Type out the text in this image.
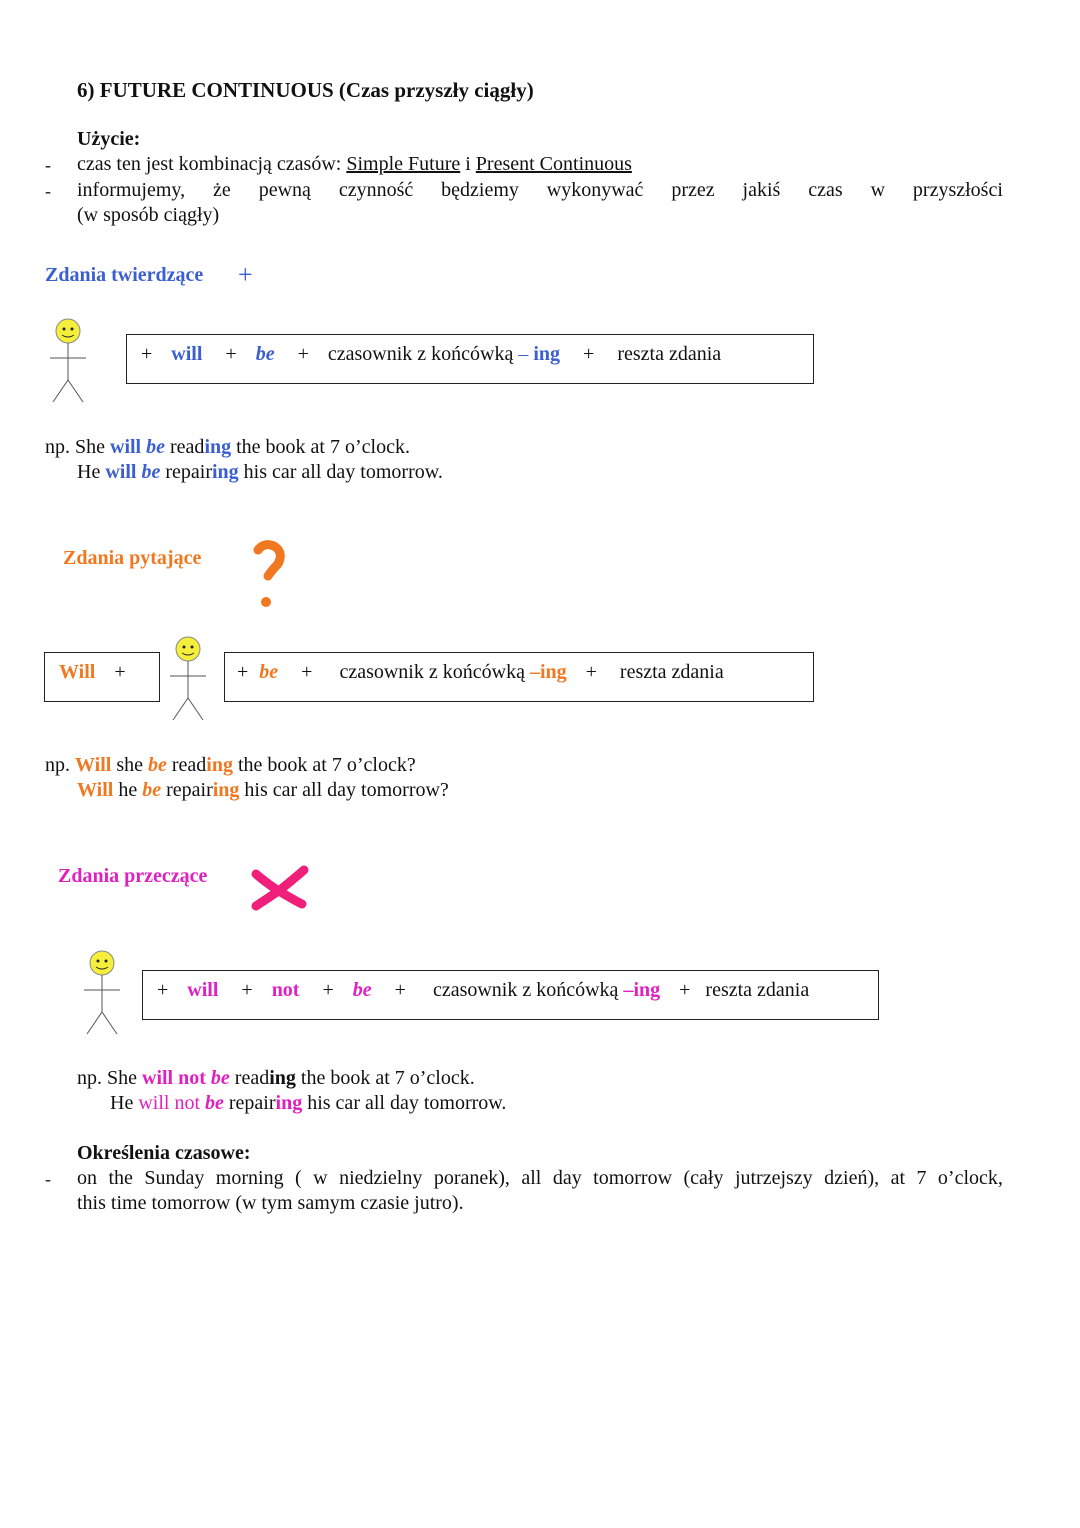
6) FUTURE CONTINUOUS (Czas przyszły ciągły)
Użycie:
- czas ten jest kombinacją czasów: Simple Future i Present Continuous
- informujemy, że pewną czynność będziemy wykonywać przez jakiś czas w przyszłości
(w sposób ciągły)
Zdania twierdzące +
+ will + be + czasownik z końcówką – ing + reszta zdania
np. She will be reading the book at 7 o’clock.
He will be repairing his car all day tomorrow.
Zdania pytające
Will +	+ be + czasownik z końcówką –ing + reszta zdania
np. Will she be reading the book at 7 o’clock?
Will he be repairing his car all day tomorrow?
Zdania przeczące
+ will + not + be + czasownik z końcówką –ing + reszta zdania
np. She will not be reading the book at 7 o’clock.
He will not be repairing his car all day tomorrow.
Określenia czasowe:
- on the Sunday morning ( w niedzielny poranek), all day tomorrow (cały jutrzejszy dzień), at 7 o’clock,
this time tomorrow (w tym samym czasie jutro).
